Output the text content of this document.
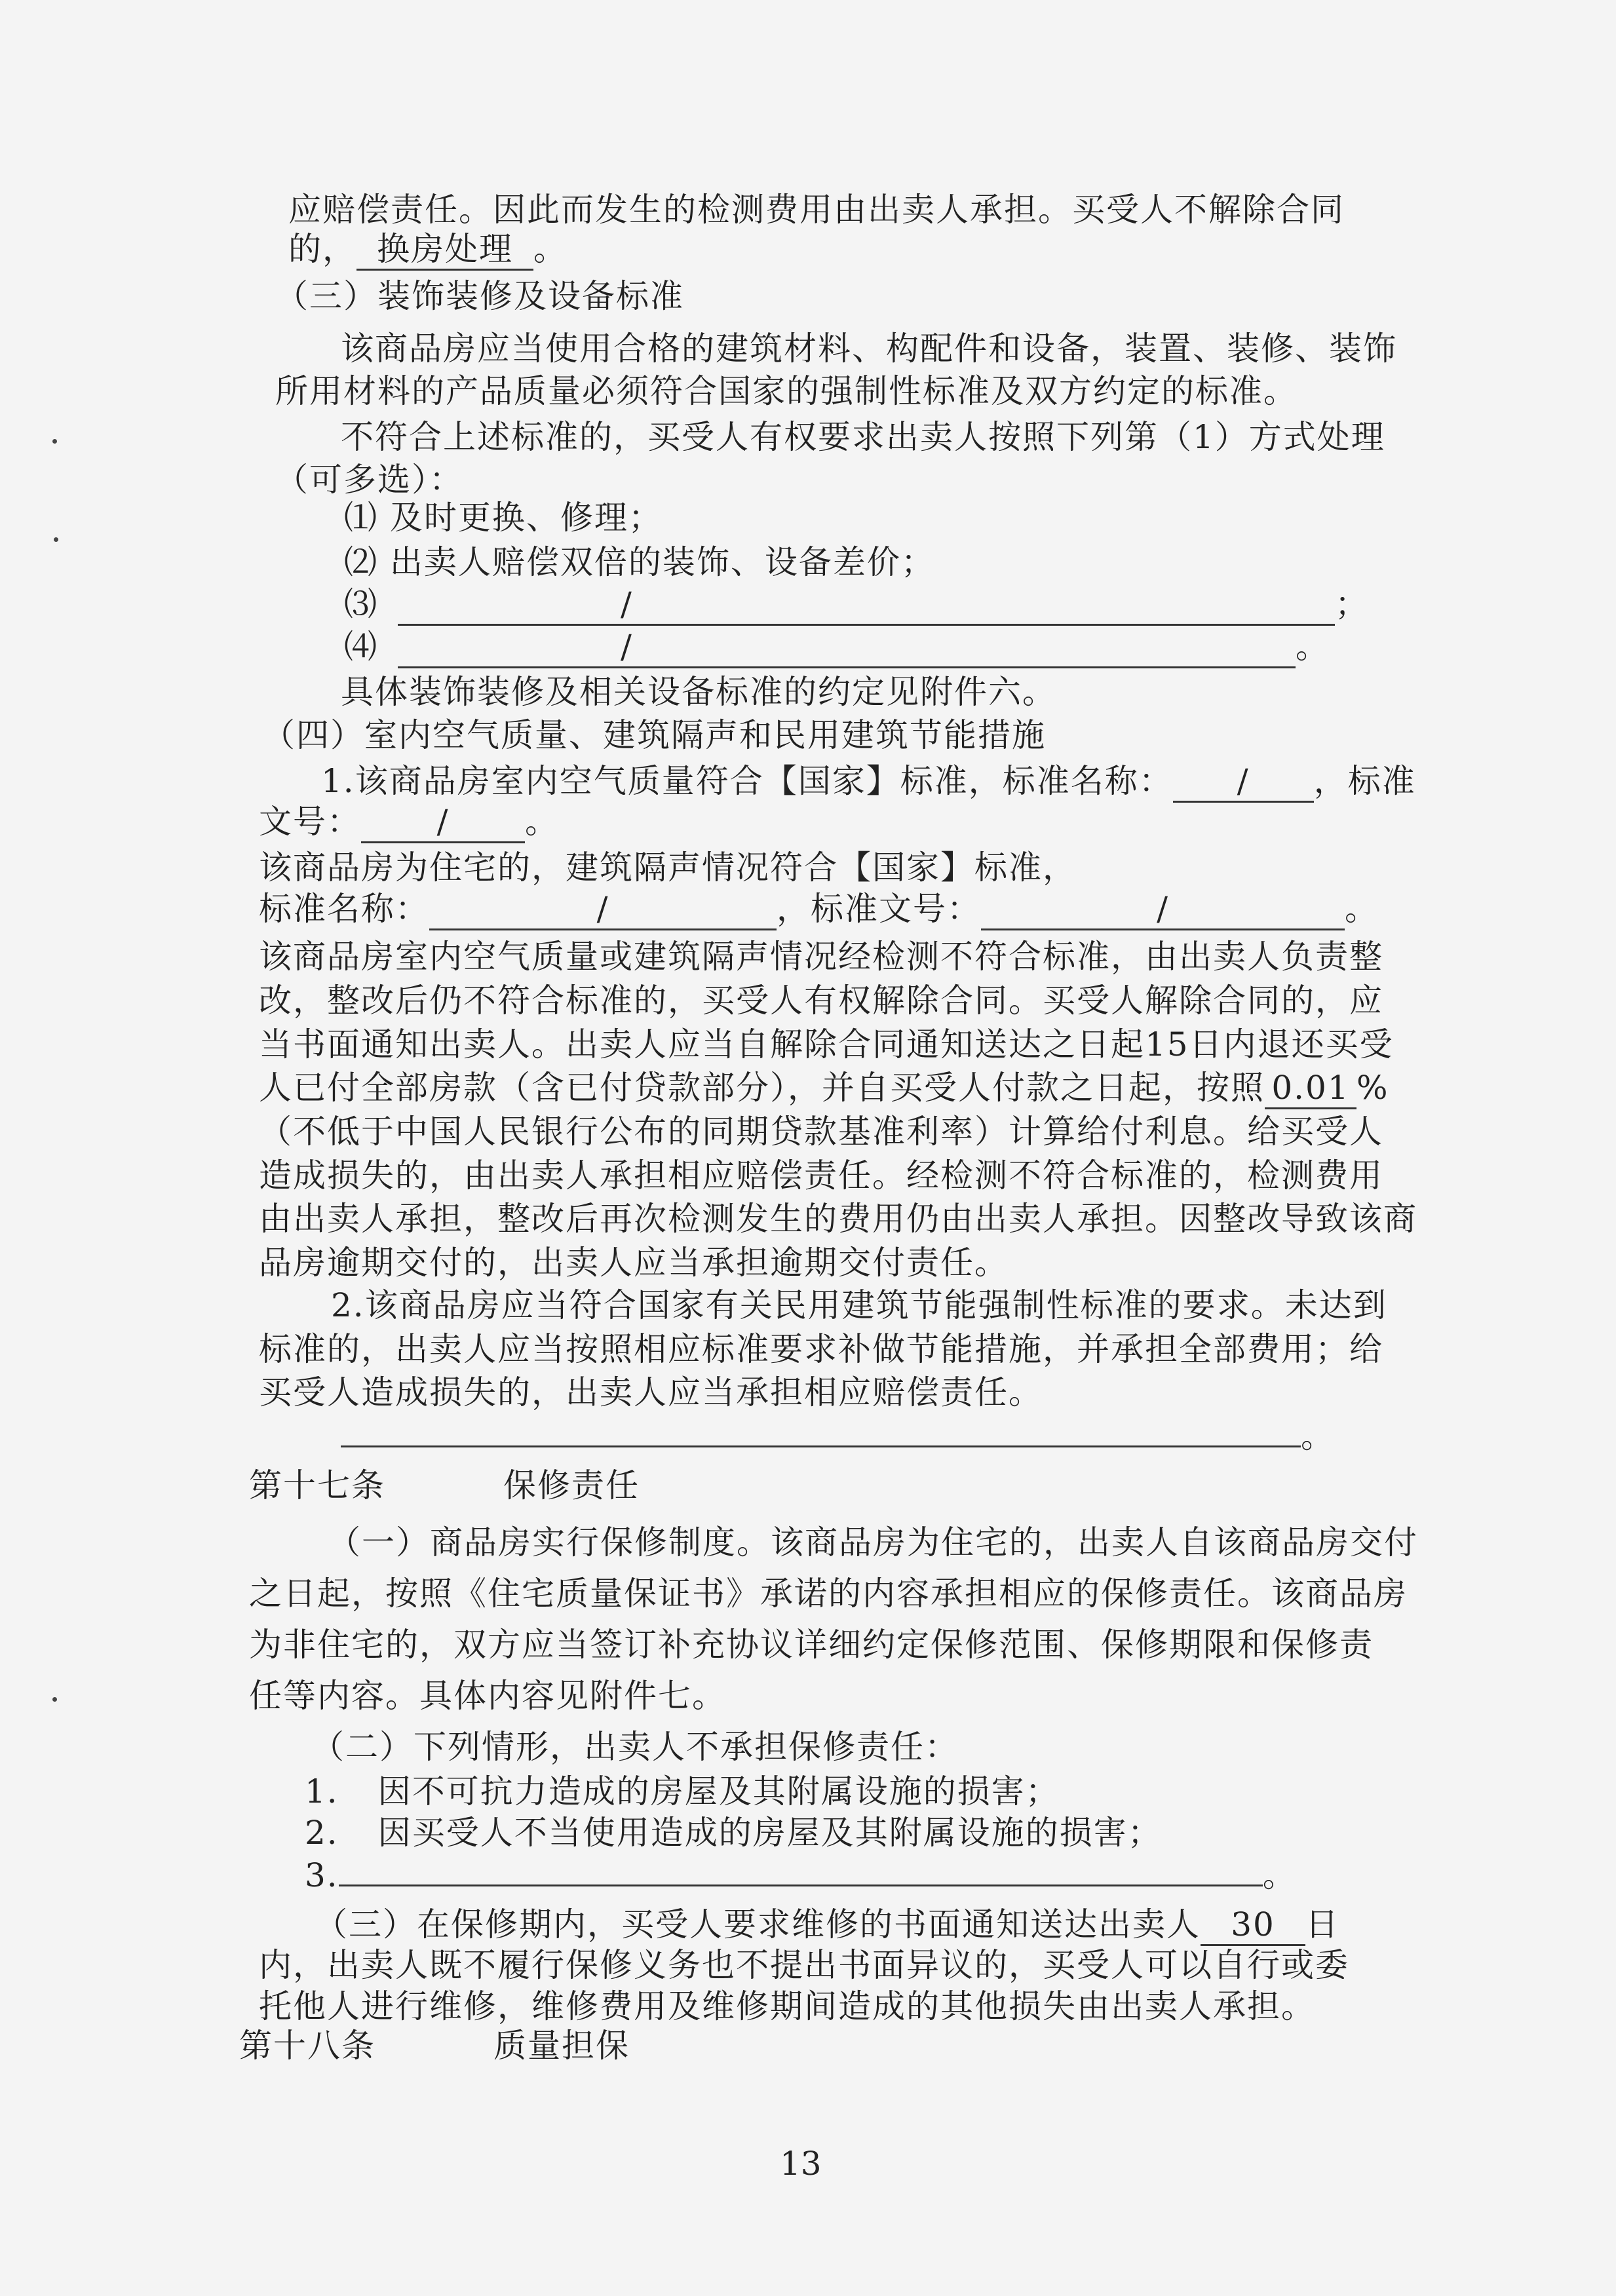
应赔偿责任。因此而发生的检测费用由出卖人承担。买受人不解除合同
的， 换房处理 。
（三）装饰装修及设备标准
该商品房应当使用合格的建筑材料、构配件和设备，装置、装修、装饰
所用材料的产品质量必须符合国家的强制性标准及双方约定的标准。
不符合上述标准的，买受人有权要求出卖人按照下列第（1）方式处理
（可多选）：
⑴ 及时更换、修理；
⑵ 出卖人赔偿双倍的装饰、设备差价；
⑶	/	；
⑷	/	。
具体装饰装修及相关设备标准的约定见附件六。
（四）室内空气质量、建筑隔声和民用建筑节能措施
1.该商品房室内空气质量符合【国家】标准，标准名称： / ，标准
文号： / 。
该商品房为住宅的，建筑隔声情况符合【国家】标准，
标准名称：	/	，标准文号：	/	。
该商品房室内空气质量或建筑隔声情况经检测不符合标准，由出卖人负责整
改，整改后仍不符合标准的，买受人有权解除合同。买受人解除合同的，应
当书面通知出卖人。出卖人应当自解除合同通知送达之日起15日内退还买受
人已付全部房款（含已付贷款部分），并自买受人付款之日起，按照 0.01 %
（不低于中国人民银行公布的同期贷款基准利率）计算给付利息。给买受人
造成损失的，由出卖人承担相应赔偿责任。经检测不符合标准的，检测费用
由出卖人承担，整改后再次检测发生的费用仍由出卖人承担。因整改导致该商
品房逾期交付的，出卖人应当承担逾期交付责任。
2.该商品房应当符合国家有关民用建筑节能强制性标准的要求。未达到
标准的，出卖人应当按照相应标准要求补做节能措施，并承担全部费用；给
买受人造成损失的，出卖人应当承担相应赔偿责任。
。
第十七条	保修责任
（一）商品房实行保修制度。该商品房为住宅的，出卖人自该商品房交付
之日起，按照《住宅质量保证书》承诺的内容承担相应的保修责任。该商品房
为非住宅的，双方应当签订补充协议详细约定保修范围、保修期限和保修责
任等内容。具体内容见附件七。
（二）下列情形，出卖人不承担保修责任：
1. 因不可抗力造成的房屋及其附属设施的损害；
2. 因买受人不当使用造成的房屋及其附属设施的损害；
3.	。
（三）在保修期内，买受人要求维修的书面通知送达出卖人 30 日
内，出卖人既不履行保修义务也不提出书面异议的，买受人可以自行或委
托他人进行维修，维修费用及维修期间造成的其他损失由出卖人承担。
第十八条	质量担保
13
